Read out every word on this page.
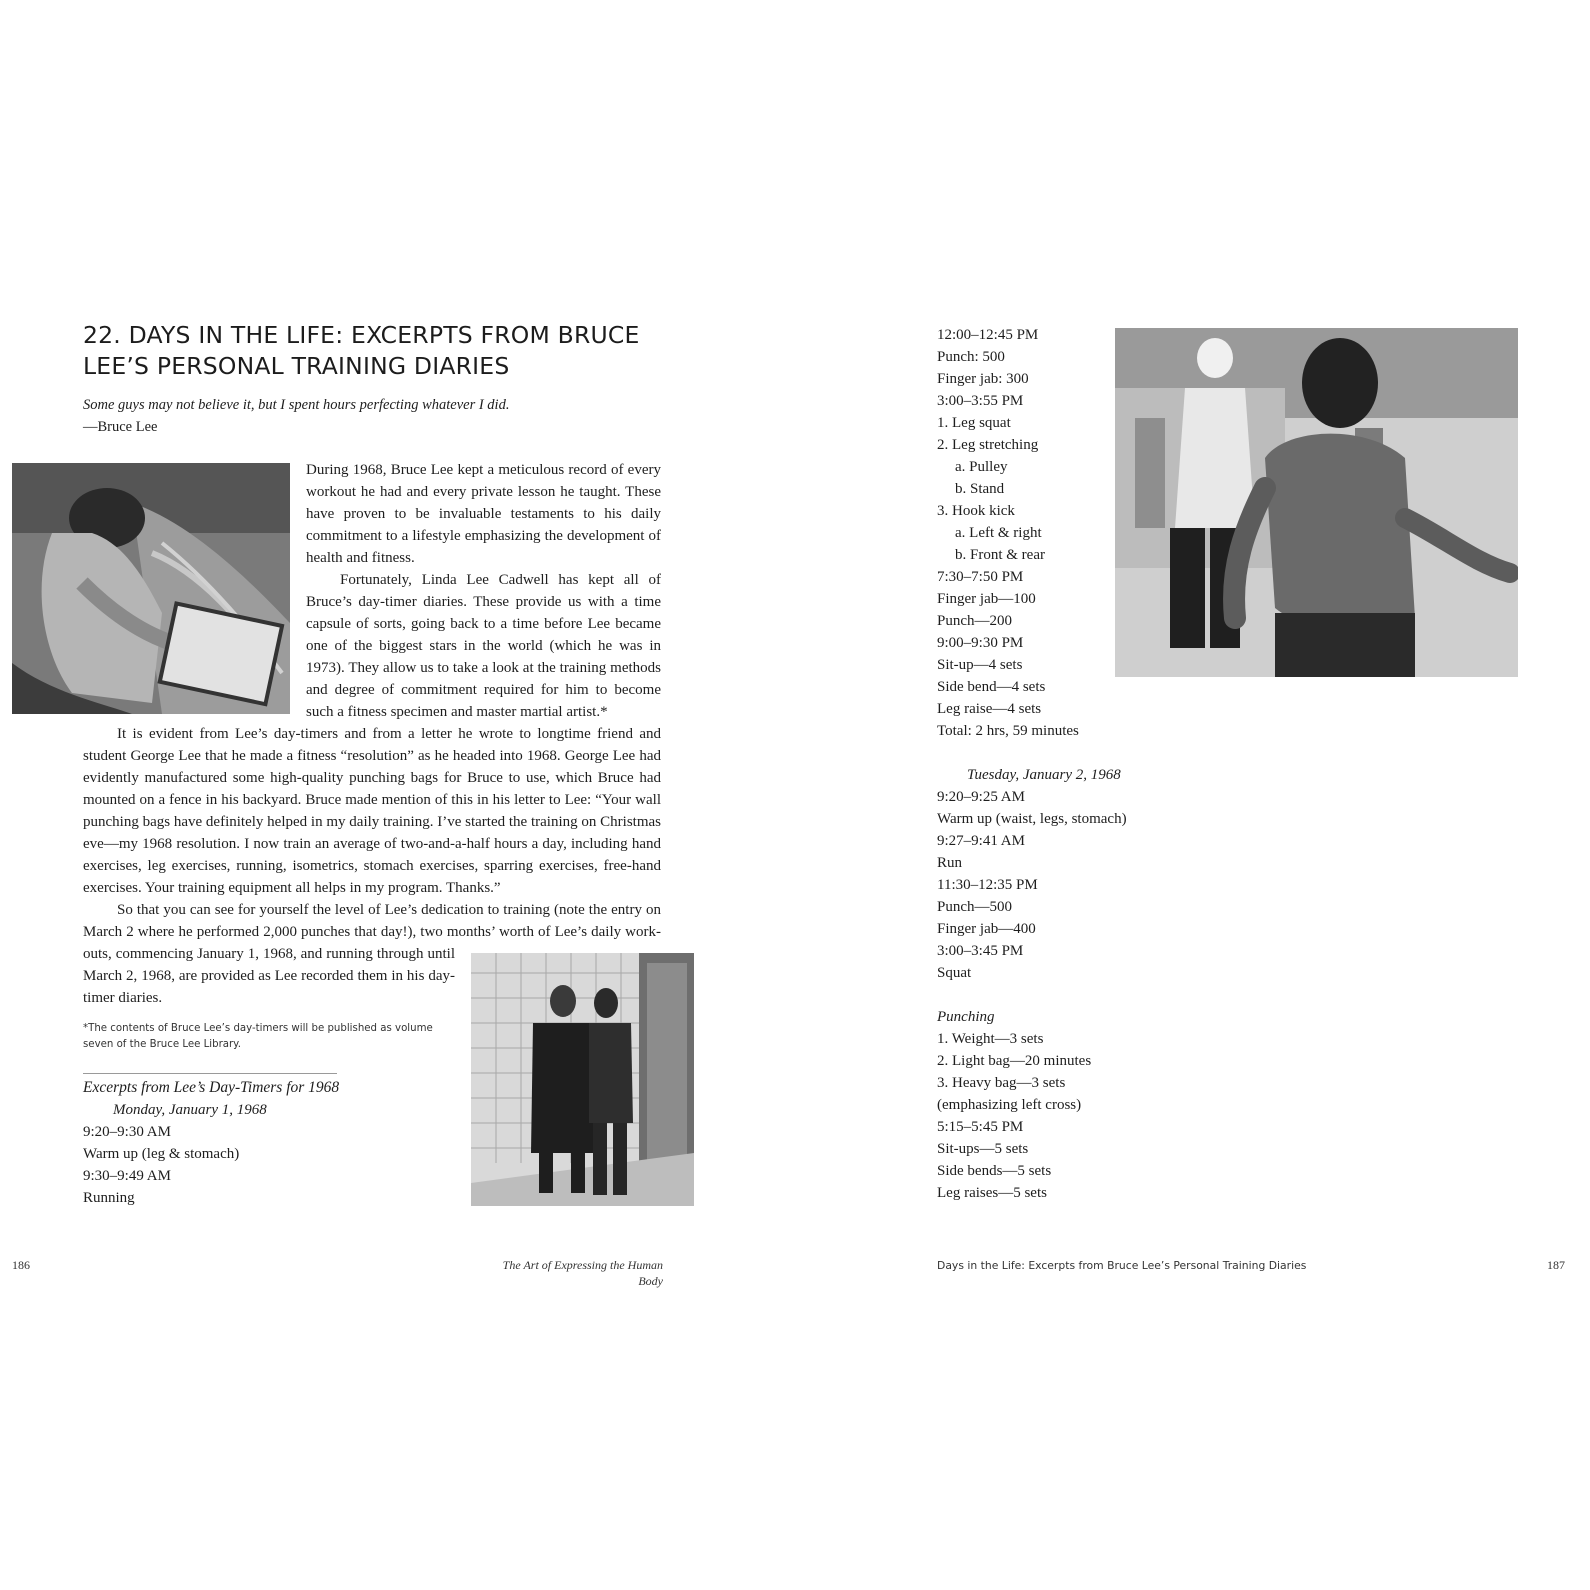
22. DAYS IN THE LIFE: EXCERPTS FROM BRUCE LEE’S PERSONAL TRAINING DIARIES
Some guys may not believe it, but I spent hours perfecting whatever I did.
—Bruce Lee

During 1968, Bruce Lee kept a meticulous record of every workout he had and every private lesson he taught. These have proven to be invaluable testaments to his daily commitment to a lifestyle emphasizing the development of health and fitness.

Fortunately, Linda Lee Cadwell has kept all of Bruce’s day-timer diaries. These provide us with a time capsule of sorts, going back to a time before Lee became one of the biggest stars in the world (which he was in 1973). They allow us to take a look at the training methods and degree of commitment required for him to become such a fitness specimen and master martial artist.*

It is evident from Lee’s day-timers and from a letter he wrote to longtime friend and student George Lee that he made a fitness “resolution” as he headed into 1968. George Lee had evidently manufactured some high-quality punching bags for Bruce to use, which Bruce had mounted on a fence in his backyard. Bruce made mention of this in his letter to Lee: “Your wall punching bags have definitely helped in my daily training. I’ve started the training on Christmas eve—my 1968 resolution. I now train an average of two-and-a-half hours a day, including hand exercises, leg exercises, running, isometrics, stomach exercises, sparring exercises, free-hand exercises. Your training equipment all helps in my program. Thanks.”

So that you can see for yourself the level of Lee’s dedication to training (note the entry on March 2 where he performed 2,000 punches that day!), two months’ worth of Lee’s daily work-

outs, commencing January 1, 1968, and running through until March 2, 1968, are provided as Lee recorded them in his day-timer diaries.

*The contents of Bruce Lee’s day-timers will be published as volume seven of the Bruce Lee Library.
Excerpts from Lee’s Day-Timers for 1968
Monday, January 1, 1968
9:20–9:30 AM
Warm up (leg & stomach)
9:30–9:49 AM
Running
The Art of Expressing the Human Body
186
12:00–12:45 PM
Punch: 500
Finger jab: 300
3:00–3:55 PM
1. Leg squat
2. Leg stretching
a. Pulley
b. Stand
3. Hook kick
a. Left & right
b. Front & rear
7:30–7:50 PM
Finger jab—100
Punch—200
9:00–9:30 PM
Sit-up—4 sets
Side bend—4 sets
Leg raise—4 sets
Total: 2 hrs, 59 minutes
Tuesday, January 2, 1968
9:20–9:25 AM
Warm up (waist, legs, stomach)
9:27–9:41 AM
Run
11:30–12:35 PM
Punch—500
Finger jab—400
3:00–3:45 PM
Squat
Punching
1. Weight—3 sets
2. Light bag—20 minutes
3. Heavy bag—3 sets
(emphasizing left cross)
5:15–5:45 PM
Sit-ups—5 sets
Side bends—5 sets
Leg raises—5 sets
Days in the Life: Excerpts from Bruce Lee’s Personal Training Diaries	187
